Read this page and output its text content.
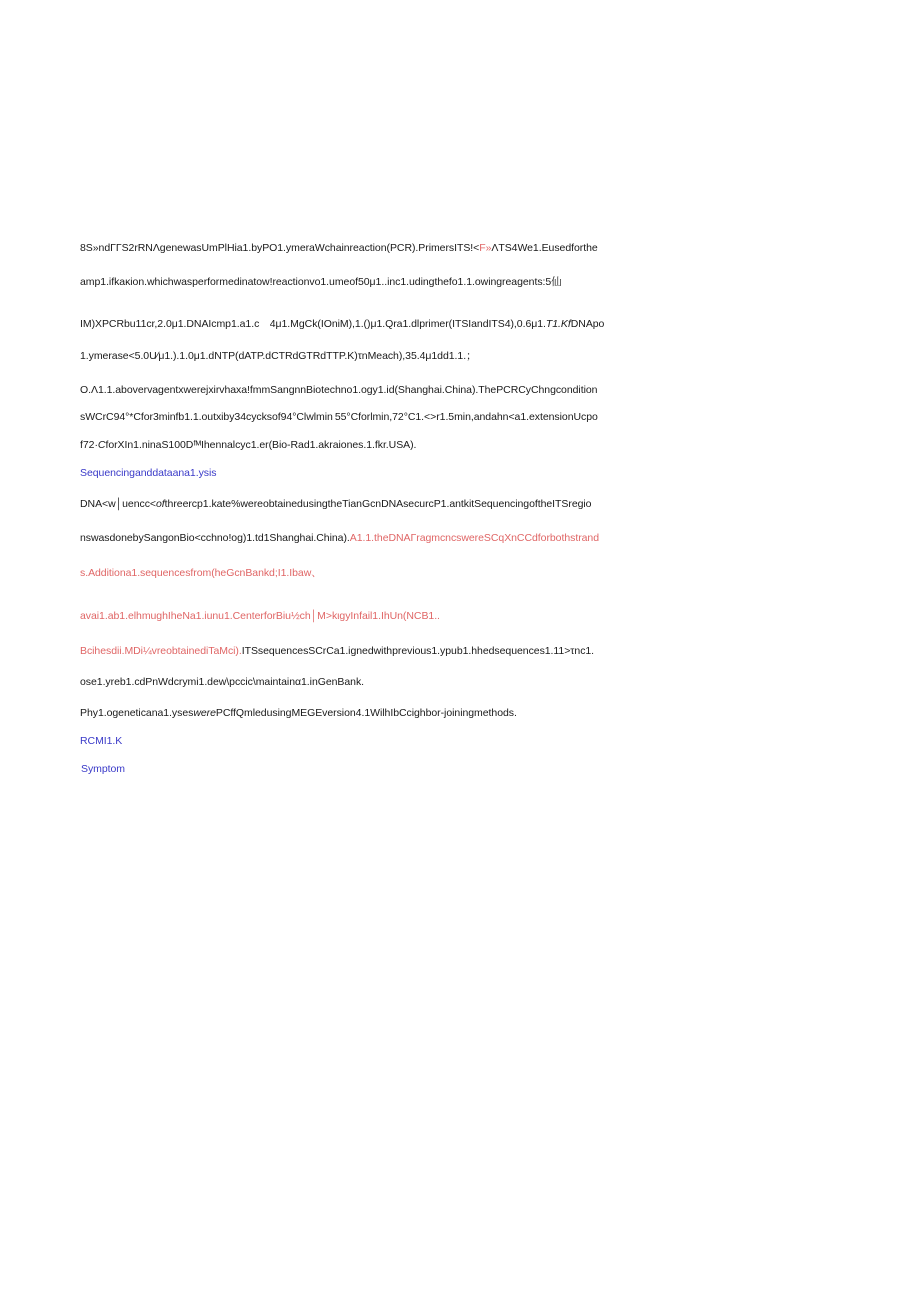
8S»ndΓΓS2rRNΛgenewasUmPlHia1.byPO1.ymeraWchainreaction(PCR).PrimersITS!<F»ΛTS4We1.Eusedforthe
amp1.ifkaκion.whichwasperformedinatow!reactionvo1.umeof50μ1..inc1.udingthefo1.1.owingreagents:5仙
IM)XPCRbu11cr,2.0μ1.DNAIcmp1.a1.c 4μ1.MgCk(IOniM),1.()μ1.Qra1.dlprimer(ITSIandITS4),0.6μ1.T1.KfDNApo
1.ymerase<5.0U∕μ1.).1.0μ1.dNTP(dATP.dCTRdGTRdTTP.K)τnMeach),35.4μ1dd1.1.；
O.Λ1.1.abovervagentxwerejxirvhaxa!fmmSangnnBiotechno1.ogy1.id(Shanghai.China).ThePCRCyChngcondition
sWCrC94°*Cfor3minfb1.1.outxiby34cycksof94°Clwlmin 55°Cforlmin,72°C1.<>r1.5min,andahn<a1.extensionUcpo
f72·CforXIn1.ninaS100DᶠᴹIhennalcyc1.er(Bio-Rad1.akraiones.1.fkr.USA).
Sequencinganddataana1.ysis
DNA<w│uencc<ofthreercp1.kate%wereobtainedusingtheTianGcnDNAsecurcP1.antkitSequencingoftheITSregio
nswasdonebySangonBio<cchno!og)1.td1Shanghai.China).A1.1.theDNAΓragmcncswereSCqXnCCdforbothstrand
s.Additiona1.sequencesfrom(heGcnBankd;I1.Ibaw、
avai1.ab1.elhmughIheNa1.iunu1.CenterforBiu½ch│M>kιgyInfail1.IhUn(NCB1..
Bcihesdii.MDi¼vreobtainediTaMci).ITSsequencesSCrCa1.ignedwithprevious1.ypub1.hhedsequences1.11>τnc1.
ose1.yreb1.cdPnWdcrymi1.dew\pccic\maintainα1.inGenBank.
Phy1.ogeneticana1.yseswerePCffQmledusingMEGEversion4.1WilhIbCcighbor-joiningmethods.
RCMI1.K
Symptom
